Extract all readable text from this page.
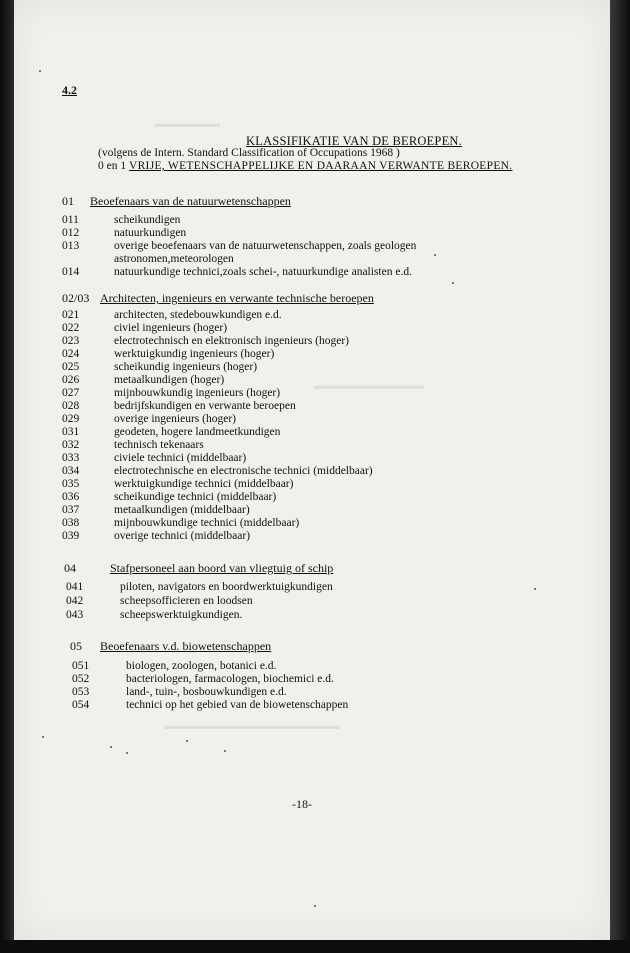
▬▬▬▬▬▬
▬▬▬▬▬▬▬▬▬▬
▬▬▬▬▬▬▬▬▬▬▬▬▬▬▬▬
4.2
KLASSIFIKATIE VAN DE BEROEPEN.
(volgens de Intern. Standard Classification of Occupations 1968 )
0 en 1 VRIJE, WETENSCHAPPELIJKE EN DAARAAN VERWANTE BEROEPEN.
01 Beoefenaars van de natuurwetenschappen
011	scheikundigen
012	natuurkundigen
013	overige beoefenaars van de natuurwetenschappen, zoals geologen
astronomen,meteorologen
014	natuurkundige technici,zoals schei-, natuurkundige analisten e.d.
02/03 Architecten, ingenieurs en verwante technische beroepen
021	architecten, stedebouwkundigen e.d.
022	civiel ingenieurs (hoger)
023	electrotechnisch en elektronisch ingenieurs (hoger)
024	werktuigkundig ingenieurs (hoger)
025	scheikundig ingenieurs (hoger)
026	metaalkundigen (hoger)
027	mijnbouwkundig ingenieurs (hoger)
028	bedrijfskundigen en verwante beroepen
029	overige ingenieurs (hoger)
031	geodeten, hogere landmeetkundigen
032	technisch tekenaars
033	civiele technici (middelbaar)
034	electrotechnische en electronische technici (middelbaar)
035	werktuigkundige technici (middelbaar)
036	scheikundige technici (middelbaar)
037	metaalkundigen (middelbaar)
038	mijnbouwkundige technici (middelbaar)
039	overige technici (middelbaar)
04	Stafpersoneel aan boord van vliegtuig of schip
041	piloten, navigators en boordwerktuigkundigen
042	scheepsofficieren en loodsen
043	scheepswerktuigkundigen.
05 Beoefenaars v.d. biowetenschappen
051	biologen, zoologen, botanici e.d.
052	bacteriologen, farmacologen, biochemici e.d.
053	land-, tuin-, bosbouwkundigen e.d.
054	technici op het gebied van de biowetenschappen
-18-
